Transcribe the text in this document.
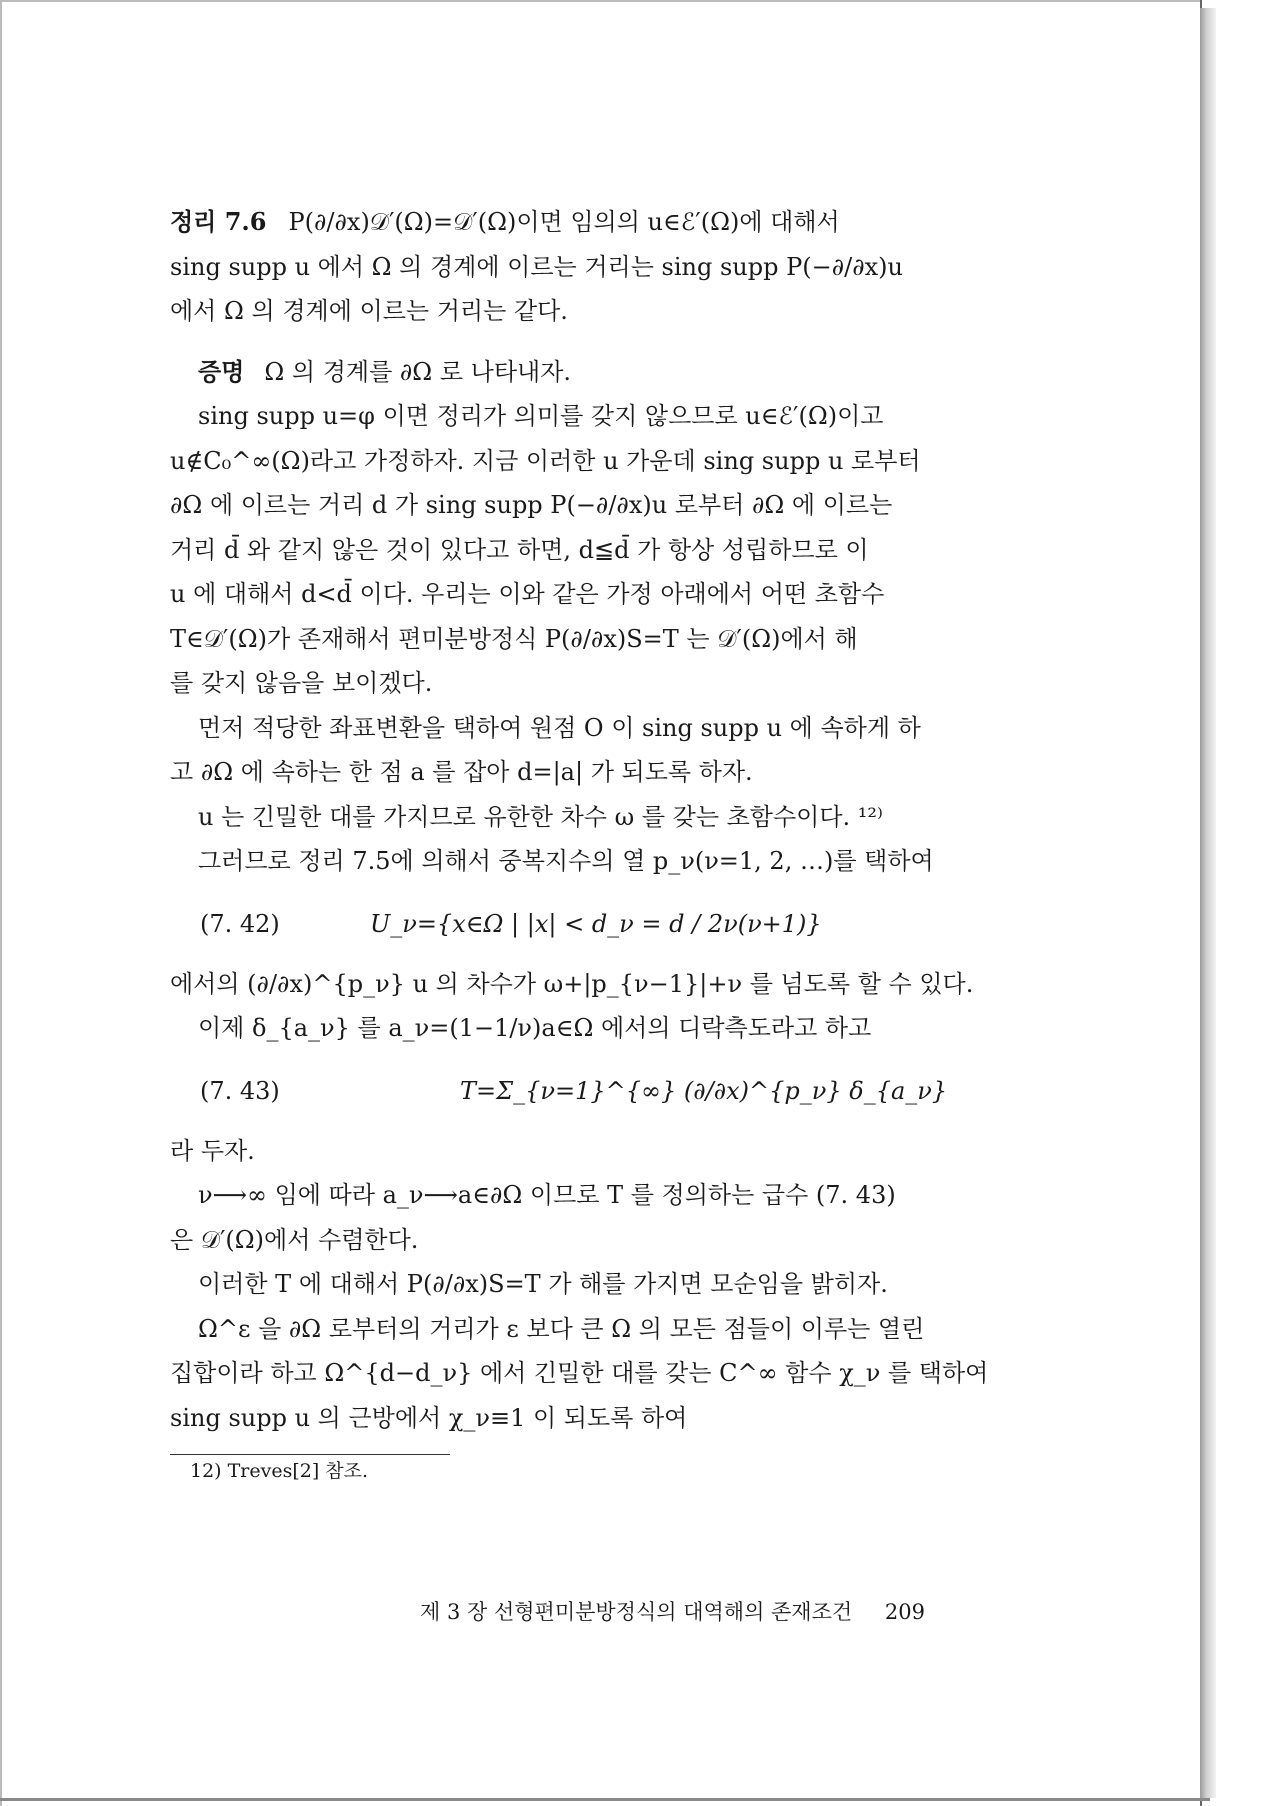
정리 7.6 P(∂/∂x)𝒟′(Ω)=𝒟′(Ω)이면 임의의 u∈ℰ′(Ω)에 대해서
sing supp u 에서 Ω 의 경계에 이르는 거리는 sing supp P(−∂/∂x)u
에서 Ω 의 경계에 이르는 거리는 같다.
증명 Ω 의 경계를 ∂Ω 로 나타내자.
sing supp u=φ 이면 정리가 의미를 갖지 않으므로 u∈ℰ′(Ω)이고
u∉C₀^∞(Ω)라고 가정하자. 지금 이러한 u 가운데 sing supp u 로부터
∂Ω 에 이르는 거리 d 가 sing supp P(−∂/∂x)u 로부터 ∂Ω 에 이르는
거리 d̄ 와 같지 않은 것이 있다고 하면, d≦d̄ 가 항상 성립하므로 이
u 에 대해서 d<d̄ 이다. 우리는 이와 같은 가정 아래에서 어떤 초함수
T∈𝒟′(Ω)가 존재해서 편미분방정식 P(∂/∂x)S=T 는 𝒟′(Ω)에서 해
를 갖지 않음을 보이겠다.
먼저 적당한 좌표변환을 택하여 원점 O 이 sing supp u 에 속하게 하
고 ∂Ω 에 속하는 한 점 a 를 잡아 d=|a| 가 되도록 하자.
u 는 긴밀한 대를 가지므로 유한한 차수 ω 를 갖는 초함수이다. ¹²⁾
그러므로 정리 7.5에 의해서 중복지수의 열 p_ν(ν=1, 2, …)를 택하여
(7. 42)	U_ν={x∈Ω | |x| < d_ν = d / 2ν(ν+1)}
에서의 (∂/∂x)^{p_ν} u 의 차수가 ω+|p_{ν−1}|+ν 를 넘도록 할 수 있다.
이제 δ_{a_ν} 를 a_ν=(1−1/ν)a∈Ω 에서의 디락측도라고 하고
(7. 43)	T=Σ_{ν=1}^{∞} (∂/∂x)^{p_ν} δ_{a_ν}
라 두자.
ν⟶∞ 임에 따라 a_ν⟶a∈∂Ω 이므로 T 를 정의하는 급수 (7. 43)
은 𝒟′(Ω)에서 수렴한다.
이러한 T 에 대해서 P(∂/∂x)S=T 가 해를 가지면 모순임을 밝히자.
Ω^ε 을 ∂Ω 로부터의 거리가 ε 보다 큰 Ω 의 모든 점들이 이루는 열린
집합이라 하고 Ω^{d−d_ν} 에서 긴밀한 대를 갖는 C^∞ 함수 χ_ν 를 택하여
sing supp u 의 근방에서 χ_ν≡1 이 되도록 하여
12) Treves[2] 참조.
제 3 장 선형편미분방정식의 대역해의 존재조건 209
